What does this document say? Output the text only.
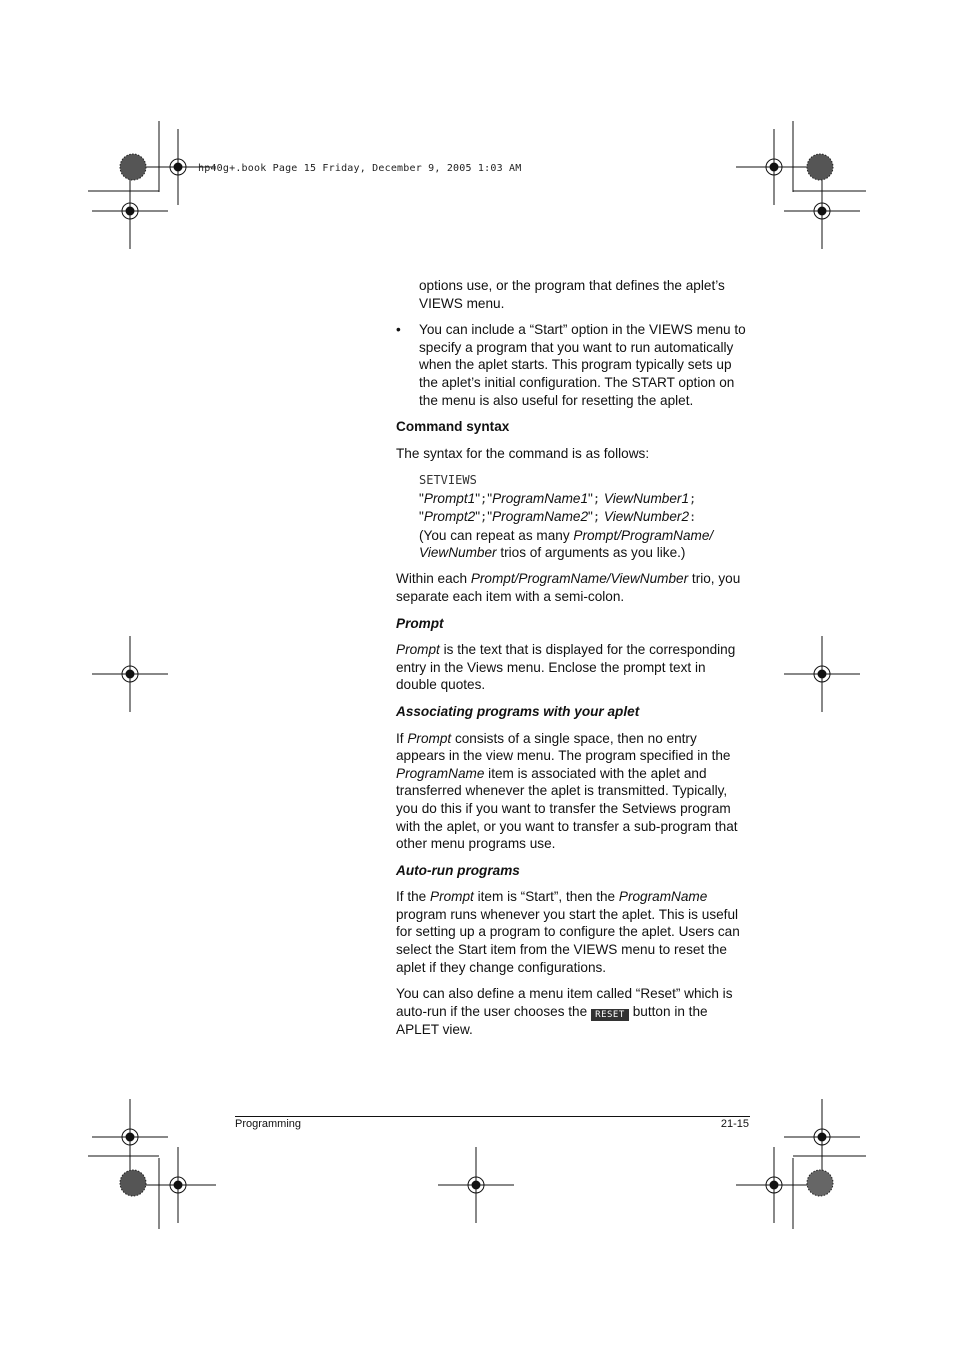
hp40g+.book Page 15 Friday, December 9, 2005 1:03 AM

options use, or the program that defines the aplet’s VIEWS menu.

• You can include a “Start” option in the VIEWS menu to specify a program that you want to run automatically when the aplet starts. This program typically sets up the aplet’s initial configuration. The START option on the menu is also useful for resetting the aplet.
Command syntax

The syntax for the command is as follows:

SETVIEWS
"Prompt1";"ProgramName1"; ViewNumber1;
"Prompt2";"ProgramName2"; ViewNumber2:
(You can repeat as many Prompt/ProgramName/ ViewNumber trios of arguments as you like.)

Within each Prompt/ProgramName/ViewNumber trio, you separate each item with a semi-colon.

Prompt

Prompt is the text that is displayed for the corresponding entry in the Views menu. Enclose the prompt text in double quotes.

Associating programs with your aplet

If Prompt consists of a single space, then no entry appears in the view menu. The program specified in the ProgramName item is associated with the aplet and transferred whenever the aplet is transmitted. Typically, you do this if you want to transfer the Setviews program with the aplet, or you want to transfer a sub-program that other menu programs use.

Auto-run programs

If the Prompt item is “Start”, then the ProgramName program runs whenever you start the aplet. This is useful for setting up a program to configure the aplet. Users can select the Start item from the VIEWS menu to reset the aplet if they change configurations.

You can also define a menu item called “Reset” which is auto-run if the user chooses the RESET button in the APLET view.

Programming	21-15
